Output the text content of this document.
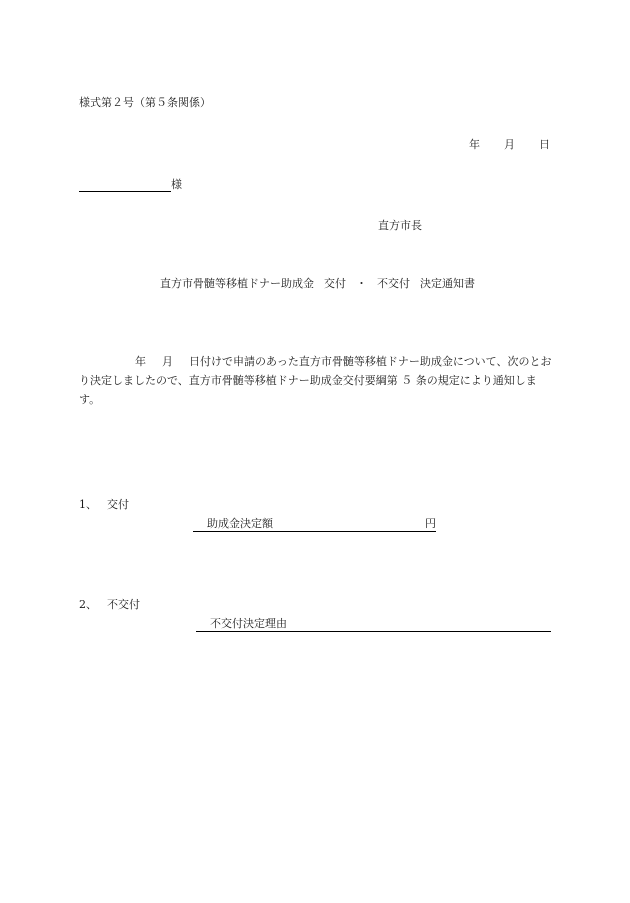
様式第２号（第５条関係）
年 月 日
様
直方市長
直方市骨髄等移植ドナー助成金 交付 ・ 不交付 決定通知書
年 月 日付けで申請のあった直方市骨髄等移植ドナー助成金について、次のとおり決定しましたので、直方市骨髄等移植ドナー助成金交付要綱第 ５ 条の規定により通知します。
1、 交付
助成金決定額	円
2、 不交付
不交付決定理由
